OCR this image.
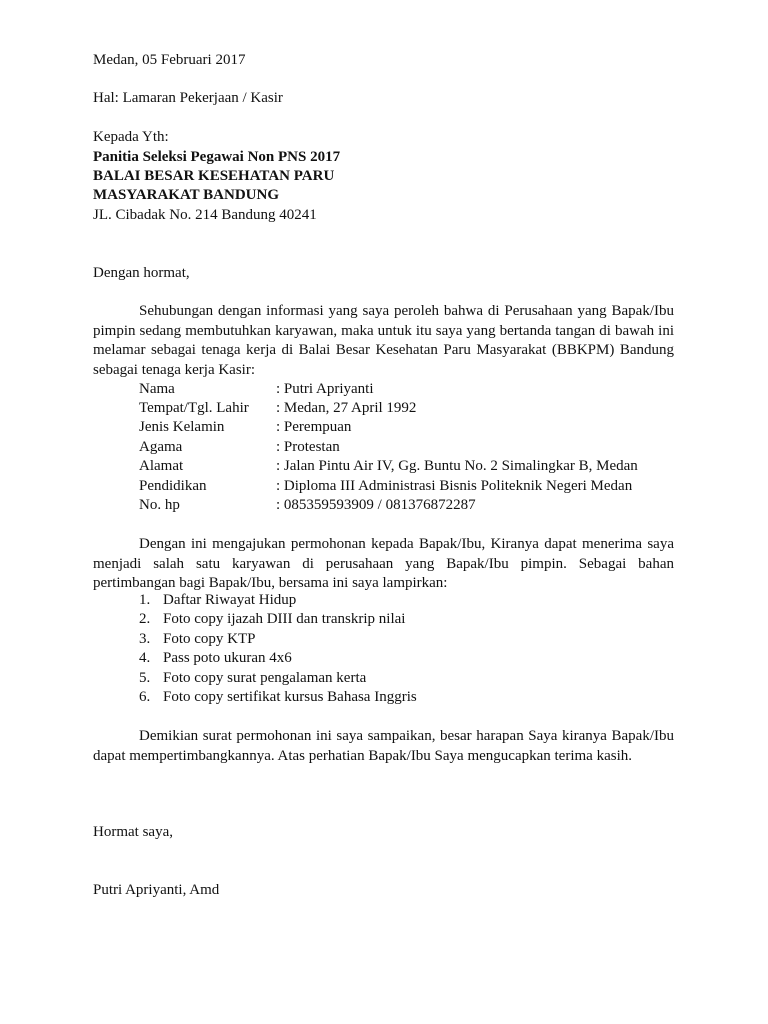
Medan, 05 Februari 2017
Hal: Lamaran Pekerjaan / Kasir
Kepada Yth:
Panitia Seleksi Pegawai Non PNS 2017
BALAI BESAR KESEHATAN PARU
MASYARAKAT BANDUNG
JL. Cibadak No. 214 Bandung 40241
Dengan hormat,
Sehubungan dengan informasi yang saya peroleh bahwa di Perusahaan yang Bapak/Ibu pimpin sedang membutuhkan karyawan, maka untuk itu saya yang bertanda tangan di bawah ini melamar sebagai tenaga kerja di Balai Besar Kesehatan Paru Masyarakat (BBKPM) Bandung sebagai tenaga kerja Kasir:
Nama	: Putri Apriyanti
Tempat/Tgl. Lahir : Medan, 27 April 1992
Jenis Kelamin	: Perempuan
Agama	: Protestan
Alamat	: Jalan Pintu Air IV, Gg. Buntu No. 2 Simalingkar B, Medan
Pendidikan	: Diploma III Administrasi Bisnis Politeknik Negeri Medan
No. hp	: 085359593909 / 081376872287
Dengan ini mengajukan permohonan kepada Bapak/Ibu, Kiranya dapat menerima saya menjadi salah satu karyawan di perusahaan yang Bapak/Ibu pimpin. Sebagai bahan pertimbangan bagi Bapak/Ibu, bersama ini saya lampirkan:
1. Daftar Riwayat Hidup
2. Foto copy ijazah DIII dan transkrip nilai
3. Foto copy KTP
4. Pass poto ukuran 4x6
5. Foto copy surat pengalaman kerta
6. Foto copy sertifikat kursus Bahasa Inggris
Demikian surat permohonan ini saya sampaikan, besar harapan Saya kiranya Bapak/Ibu dapat mempertimbangkannya. Atas perhatian Bapak/Ibu Saya mengucapkan terima kasih.
Hormat saya,
Putri Apriyanti, Amd
